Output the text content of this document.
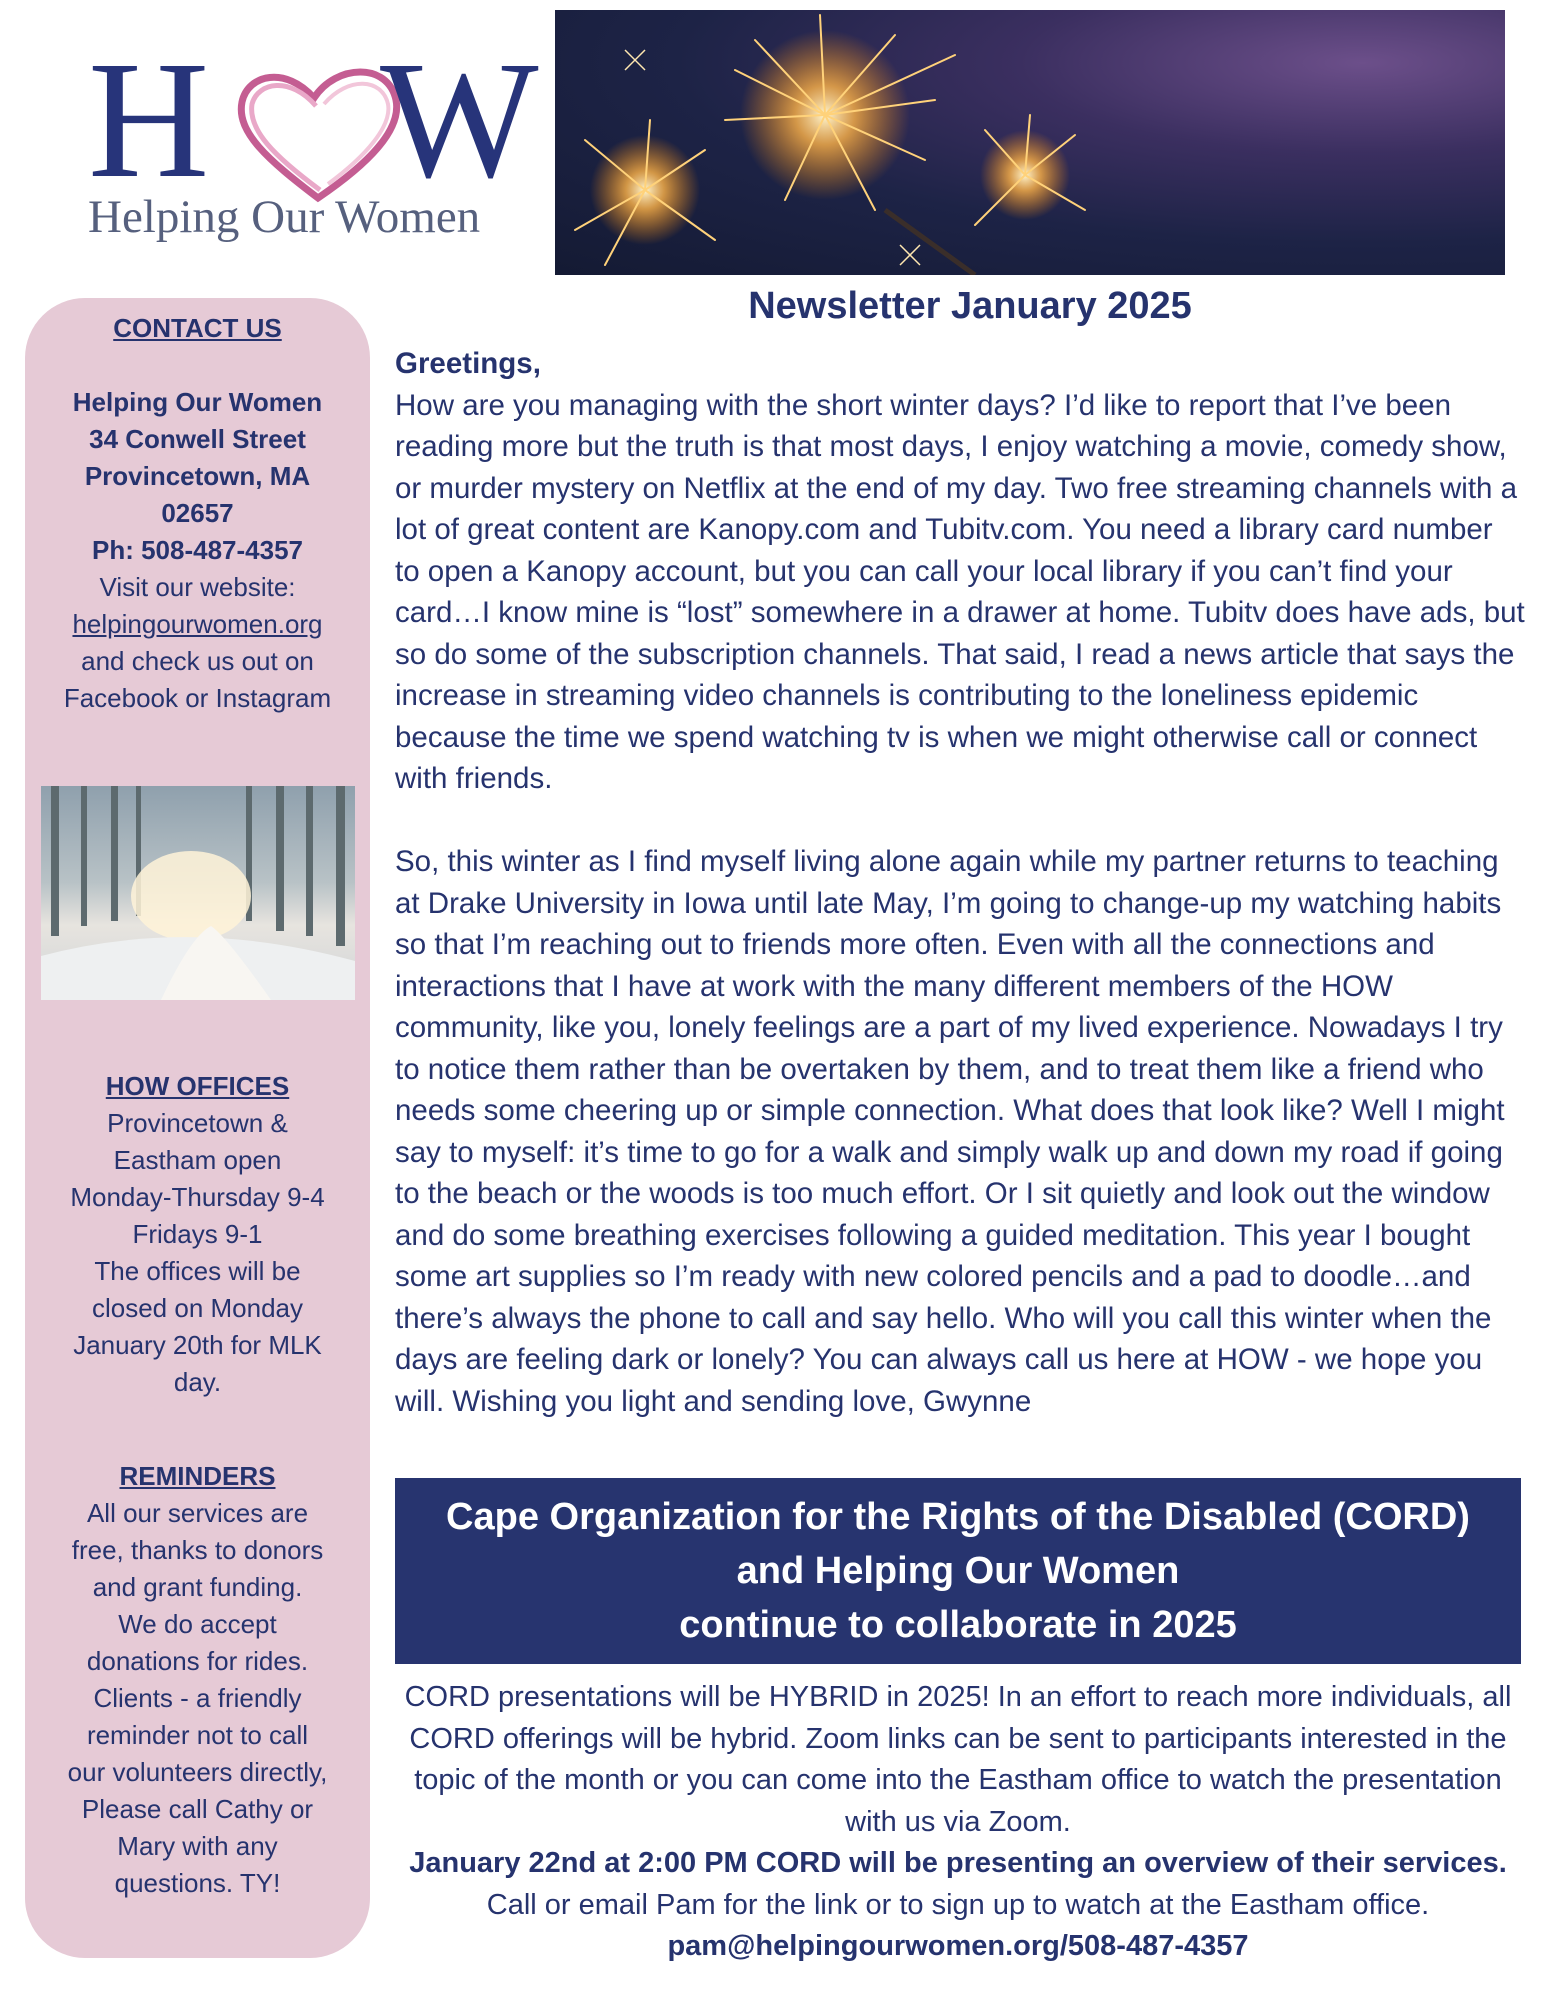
H W
Helping Our Women
CONTACT US
Helping Our Women
34 Conwell Street
Provincetown, MA
02657
Ph: 508-487-4357
Visit our website:
helpingourwomen.org
and check us out on
Facebook or Instagram
HOW OFFICES
Provincetown &
Eastham open
Monday-Thursday 9-4
Fridays 9-1
The offices will be
closed on Monday
January 20th for MLK
day.
REMINDERS
All our services are
free, thanks to donors
and grant funding.
We do accept
donations for rides.
Clients - a friendly
reminder not to call
our volunteers directly,
Please call Cathy or
Mary with any
questions. TY!
Newsletter January 2025
Greetings,

How are you managing with the short winter days? I’d like to report that I’ve been reading more but the truth is that most days, I enjoy watching a movie, comedy show, or murder mystery on Netflix at the end of my day. Two free streaming channels with a lot of great content are Kanopy.com and Tubitv.com. You need a library card number to open a Kanopy account, but you can call your local library if you can’t find your card…I know mine is “lost” somewhere in a drawer at home. Tubitv does have ads, but so do some of the subscription channels. That said, I read a news article that says the increase in streaming video channels is contributing to the loneliness epidemic because the time we spend watching tv is when we might otherwise call or connect with friends.

So, this winter as I find myself living alone again while my partner returns to teaching at Drake University in Iowa until late May, I’m going to change-up my watching habits so that I’m reaching out to friends more often. Even with all the connections and interactions that I have at work with the many different members of the HOW community, like you, lonely feelings are a part of my lived experience. Nowadays I try to notice them rather than be overtaken by them, and to treat them like a friend who needs some cheering up or simple connection. What does that look like? Well I might say to myself: it’s time to go for a walk and simply walk up and down my road if going to the beach or the woods is too much effort. Or I sit quietly and look out the window and do some breathing exercises following a guided meditation. This year I bought some art supplies so I’m ready with new colored pencils and a pad to doodle…and there’s always the phone to call and say hello. Who will you call this winter when the days are feeling dark or lonely? You can always call us here at HOW - we hope you will. Wishing you light and sending love, Gwynne

Cape Organization for the Rights of the Disabled (CORD)
and Helping Our Women
continue to collaborate in 2025
CORD presentations will be HYBRID in 2025! In an effort to reach more individuals, all CORD offerings will be hybrid. Zoom links can be sent to participants interested in the topic of the month or you can come into the Eastham office to watch the presentation with us via Zoom.
January 22nd at 2:00 PM CORD will be presenting an overview of their services. Call or email Pam for the link or to sign up to watch at the Eastham office. pam@helpingourwomen.org/508-487-4357
